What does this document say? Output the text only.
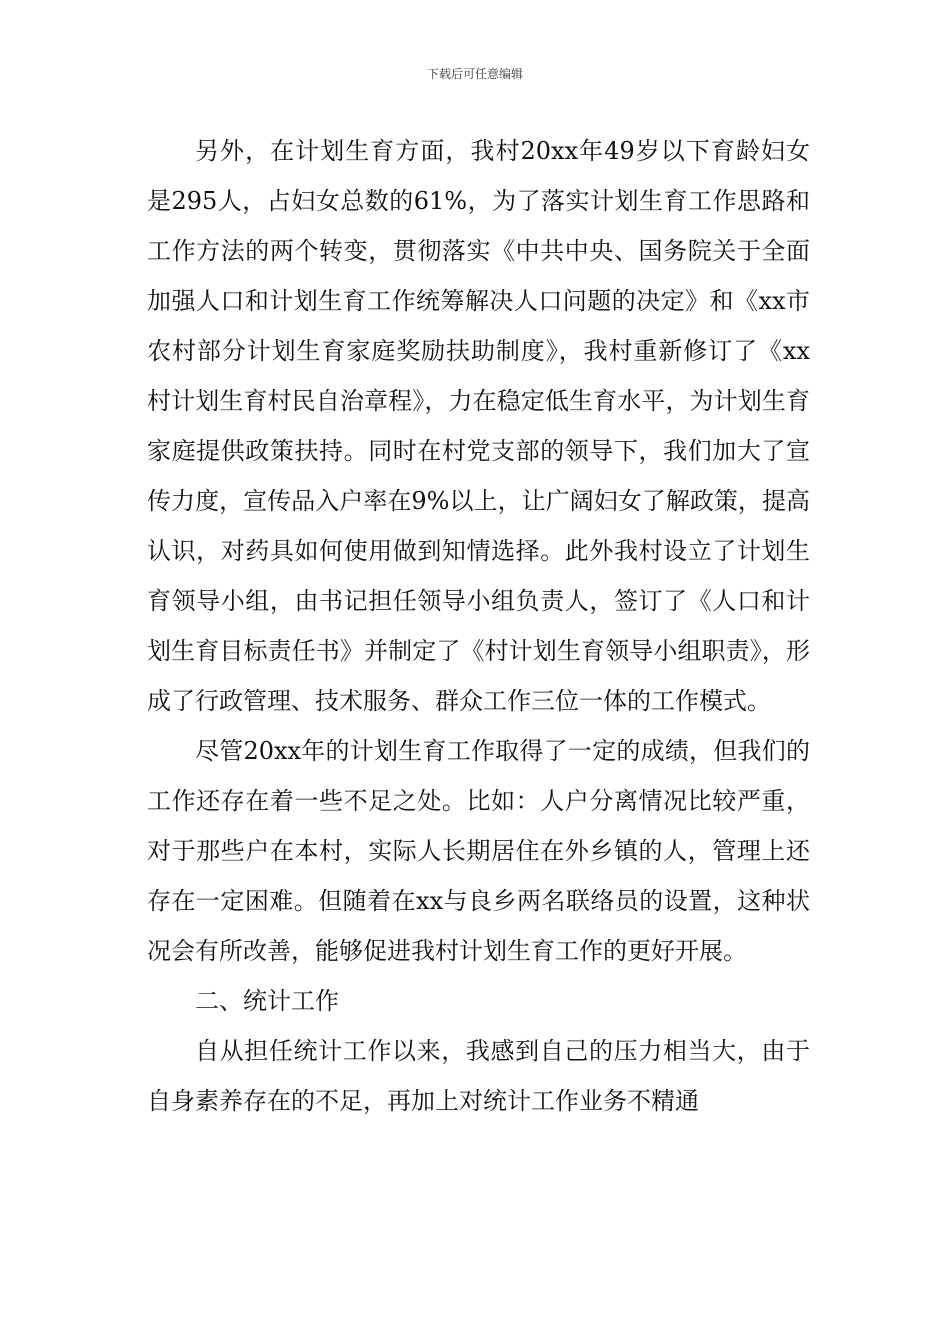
下载后可任意编辑

另外，在计划生育方面，我村20xx年49岁以下育龄妇女是295人，占妇女总数的61%，为了落实计划生育工作思路和工作方法的两个转变，贯彻落实《中共中央、国务院关于全面加强人口和计划生育工作统筹解决人口问题的决定》和《xx市农村部分计划生育家庭奖励扶助制度》，我村重新修订了《xx村计划生育村民自治章程》，力在稳定低生育水平，为计划生育家庭提供政策扶持。同时在村党支部的领导下，我们加大了宣传力度，宣传品入户率在9%以上，让广阔妇女了解政策，提高认识，对药具如何使用做到知情选择。此外我村设立了计划生育领导小组，由书记担任领导小组负责人，签订了《人口和计划生育目标责任书》并制定了《村计划生育领导小组职责》，形成了行政管理、技术服务、群众工作三位一体的工作模式。

尽管20xx年的计划生育工作取得了一定的成绩，但我们的工作还存在着一些不足之处。比如：人户分离情况比较严重，对于那些户在本村，实际人长期居住在外乡镇的人，管理上还存在一定困难。但随着在xx与良乡两名联络员的设置，这种状况会有所改善，能够促进我村计划生育工作的更好开展。

二、统计工作

自从担任统计工作以来，我感到自己的压力相当大，由于自身素养存在的不足，再加上对统计工作业务不精通
